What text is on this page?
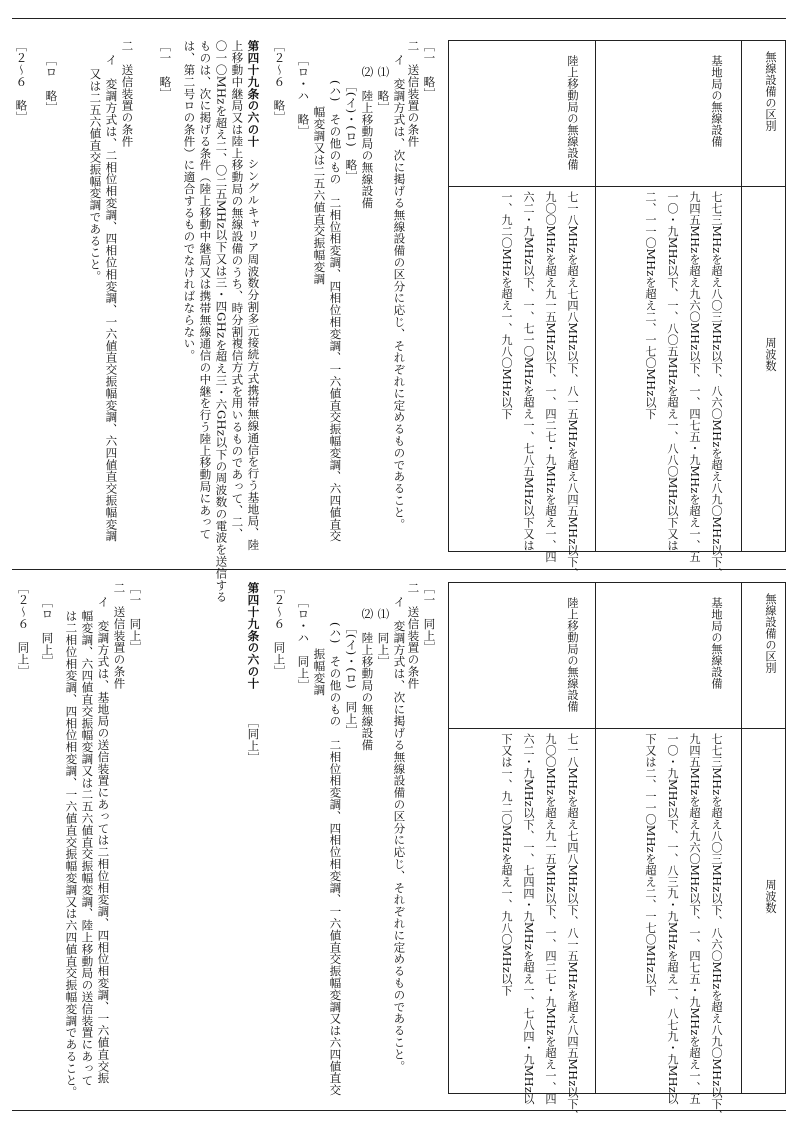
無線設備の区別
周波数
基地局の無線設備
七七三MHzを超え八〇三MHz以下、八六〇MHzを超え八九〇MHz以下、
九四五MHzを超え九六〇MHz以下、一、四七五・九MHzを超え一、五
一〇・九MHz以下、一、八〇五MHzを超え一、八八〇MHz以下又は
二、一一〇MHzを超え二、一七〇MHz以下
陸上移動局の無線設備
七一八MHzを超え七四八MHz以下、八一五MHzを超え八四五MHz以下、
九〇〇MHzを超え九一五MHz以下、一、四二七・九MHzを超え一、四
六二・九MHz以下、一、七一〇MHzを超え一、七八五MHz以下又は
一、九二〇MHzを超え一、九八〇MHz以下
［一　略］
二　送信装置の条件
イ　変調方式は、次に掲げる無線設備の区分に応じ、それぞれに定めるものであること。
⑴　略］
⑵　陸上移動局の無線設備
［(イ)・(ロ)　略］
(ハ)　その他のもの　二相位相変調、四相位相変調、一六値直交振幅変調、六四値直交
幅変調又は二五六値直交振幅変調
［ロ・ハ　略］
［２～６　略］
第四十九条の六の十
シングルキャリア周波数分割多元接続方式携帯無線通信を行う基地局、陸
上移動中継局又は陸上移動局の無線設備のうち、時分割複信方式を用いるものであって、二、
〇一〇MHzを超え二、〇二五MHz以下又は三・四GHzを超え三・六GHz以下の周波数の電波を送信する
ものは、次に掲げる条件（陸上移動中継局又は携帯無線通信の中継を行う陸上移動局にあって
は、第二号ロの条件）に適合するものでなければならない。
［一　略］
二　送信装置の条件
イ　変調方式は、二相位相変調、四相位相変調、一六値直交振幅変調、六四値直交振幅変調
又は二五六値直交振幅変調であること。
［ロ　略］
［２～６　略］
無線設備の区別
周波数
基地局の無線設備
七七三MHzを超え八〇三MHz以下、八六〇MHzを超え八九〇MHz以下、
九四五MHzを超え九六〇MHz以下、一、四七五・九MHzを超え一、五
一〇・九MHz以下、一、八三九・九MHzを超え一、八七九・九MHz以
下又は二、一一〇MHzを超え二、一七〇MHz以下
陸上移動局の無線設備
七一八MHzを超え七四八MHz以下、八一五MHzを超え八四五MHz以下、
九〇〇MHzを超え九一五MHz以下、一、四二七・九MHzを超え一、四
六二・九MHz以下、一、七四四・九MHzを超え一、七八四・九MHz以
下又は一、九二〇MHzを超え一、九八〇MHz以下
［一　同上］
二　送信装置の条件
イ　変調方式は、次に掲げる無線設備の区分に応じ、それぞれに定めるものであること。
⑴　同上］
⑵　陸上移動局の無線設備
［(イ)・(ロ)　同上］
(ハ)　その他のもの　二相位相変調、四相位相変調、一六値直交振幅変調又は六四値直交
振幅変調
［ロ・ハ　同上］
［２～６　同上］
第四十九条の六の十
［同上］
［一　同上］
二　送信装置の条件
イ　変調方式は、基地局の送信装置にあっては二相位相変調、四相位相変調、一六値直交振
幅変調、六四値直交振幅変調又は二五六値直交振幅変調、陸上移動局の送信装置にあって
は二相位相変調、四相位相変調、一六値直交振幅変調又は六四値直交振幅変調であること。
［ロ　同上］
［２～６　同上］
